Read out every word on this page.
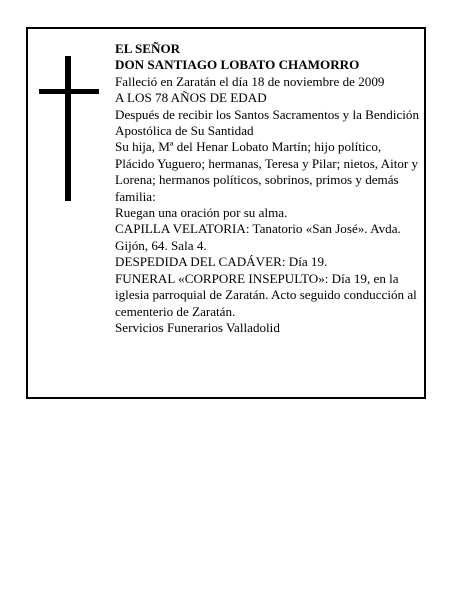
EL SEÑOR

DON SANTIAGO LOBATO CHAMORRO

Falleció en Zaratán el día 18 de noviembre de 2009

A LOS 78 AÑOS DE EDAD

Después de recibir los Santos Sacramentos y la Bendición Apostólica de Su Santidad

Su hija, Mª del Henar Lobato Martín; hijo político, Plácido Yuguero; hermanas, Teresa y Pilar; nietos, Aitor y Lorena; hermanos políticos, sobrinos, primos y demás familia:

Ruegan una oración por su alma.

CAPILLA VELATORIA: Tanatorio «San José». Avda. Gijón, 64. Sala 4.

DESPEDIDA DEL CADÁVER: Día 19.

FUNERAL «CORPORE INSEPULTO»: Día 19, en la iglesia parroquial de Zaratán. Acto seguido conducción al cementerio de Zaratán.

Servicios Funerarios Valladolid
